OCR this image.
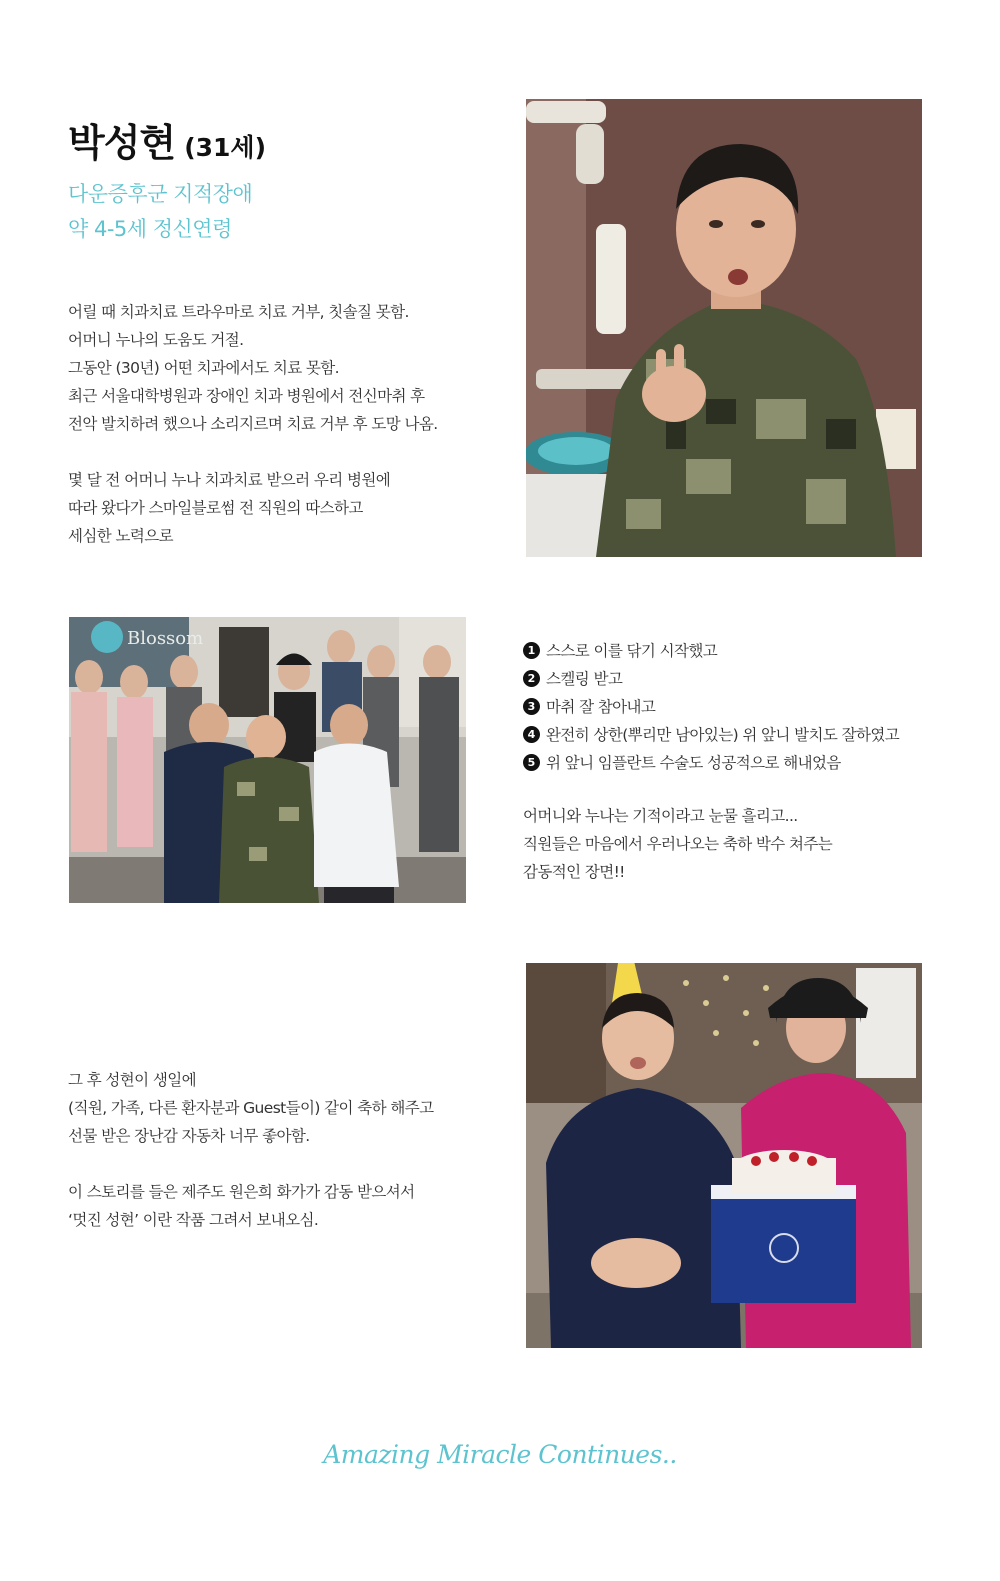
박성현 (31세)
다운증후군 지적장애
약 4-5세 정신연령

어릴 때 치과치료 트라우마로 치료 거부, 칫솔질 못함.

어머니 누나의 도움도 거절.

그동안 (30년) 어떤 치과에서도 치료 못함.

최근 서울대학병원과 장애인 치과 병원에서 전신마취 후

전악 발치하려 했으나 소리지르며 치료 거부 후 도망 나옴.

몇 달 전 어머니 누나 치과치료 받으러 우리 병원에

따라 왔다가 스마일블로썸 전 직원의 따스하고

세심한 노력으로

Blossom
1 스스로 이를 닦기 시작했고
2 스켈링 받고
3 마취 잘 참아내고
4 완전히 상한(뿌리만 남아있는) 위 앞니 발치도 잘하였고
5 위 앞니 임플란트 수술도 성공적으로 해내었음

어머니와 누나는 기적이라고 눈물 흘리고...

직원들은 마음에서 우러나오는 축하 박수 쳐주는

감동적인 장면!!

그 후 성현이 생일에

(직원, 가족, 다른 환자분과 Guest들이) 같이 축하 해주고

선물 받은 장난감 자동차 너무 좋아함.

이 스토리를 들은 제주도 원은희 화가가 감동 받으셔서

‘멋진 성현’ 이란 작품 그려서 보내오심.

Amazing Miracle Continues..
